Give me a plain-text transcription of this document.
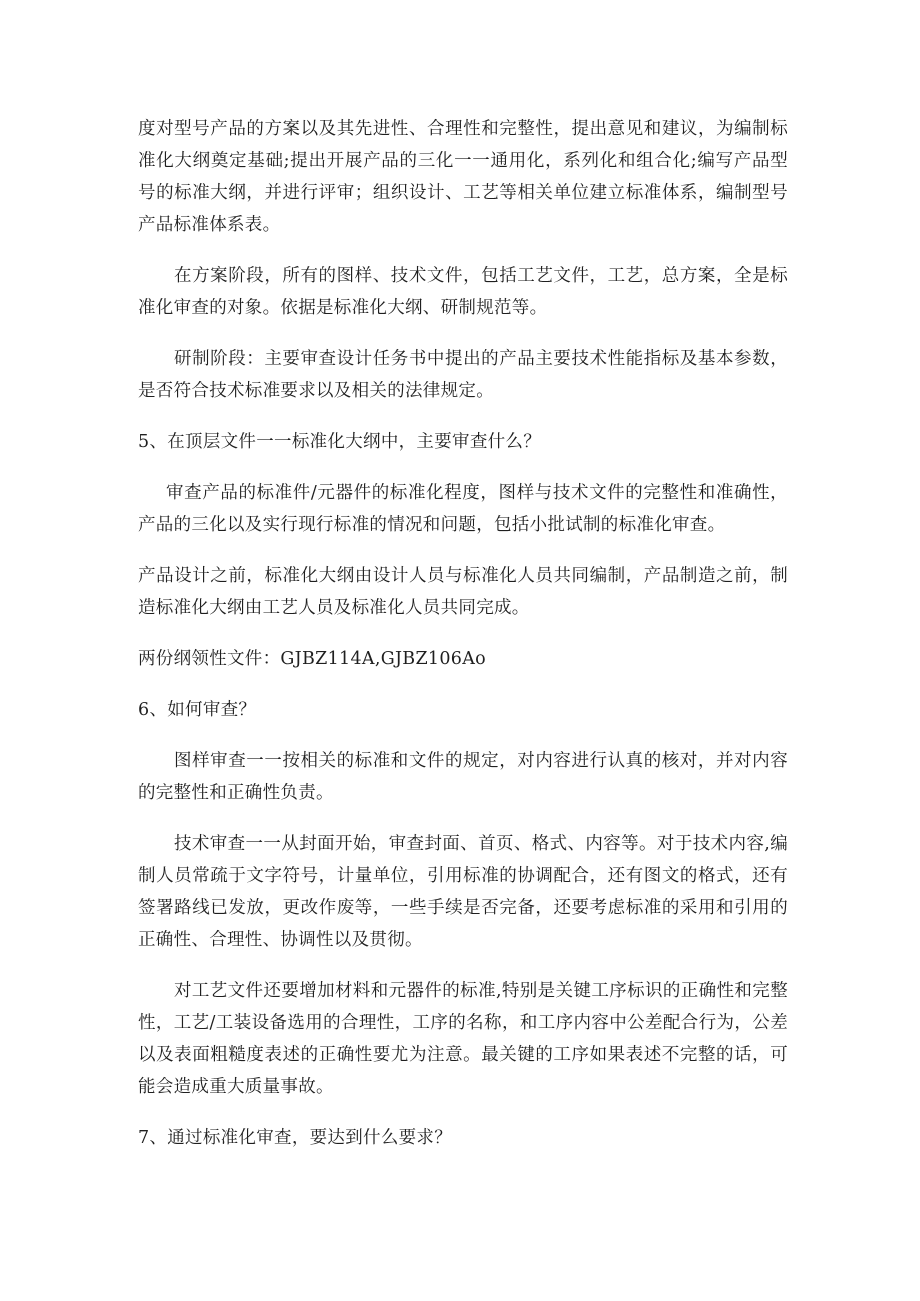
度对型号产品的方案以及其先进性、合理性和完整性，提出意见和建议，为编制标准化大纲奠定基础;提出开展产品的三化一一通用化，系列化和组合化;编写产品型号的标准大纲，并进行评审；组织设计、工艺等相关单位建立标准体系，编制型号产品标准体系表。

在方案阶段，所有的图样、技术文件，包括工艺文件，工艺，总方案，全是标准化审查的对象。依据是标准化大纲、研制规范等。

研制阶段：主要审查设计任务书中提出的产品主要技术性能指标及基本参数，是否符合技术标准要求以及相关的法律规定。

5、在顶层文件一一标准化大纲中，主要审查什么？

审查产品的标准件/元器件的标准化程度，图样与技术文件的完整性和准确性，产品的三化以及实行现行标准的情况和问题，包括小批试制的标准化审查。

产品设计之前，标准化大纲由设计人员与标准化人员共同编制，产品制造之前，制造标准化大纲由工艺人员及标准化人员共同完成。

两份纲领性文件：GJBZ114A,GJBZ106Ao

6、如何审查？

图样审查一一按相关的标准和文件的规定，对内容进行认真的核对，并对内容的完整性和正确性负责。

技术审查一一从封面开始，审查封面、首页、格式、内容等。对于技术内容,编制人员常疏于文字符号，计量单位，引用标准的协调配合，还有图文的格式，还有签署路线已发放，更改作废等，一些手续是否完备，还要考虑标准的采用和引用的正确性、合理性、协调性以及贯彻。

对工艺文件还要增加材料和元器件的标准,特别是关键工序标识的正确性和完整性，工艺/工装设备选用的合理性，工序的名称，和工序内容中公差配合行为，公差以及表面粗糙度表述的正确性要尤为注意。最关键的工序如果表述不完整的话，可能会造成重大质量事故。

7、通过标准化审查，要达到什么要求？
